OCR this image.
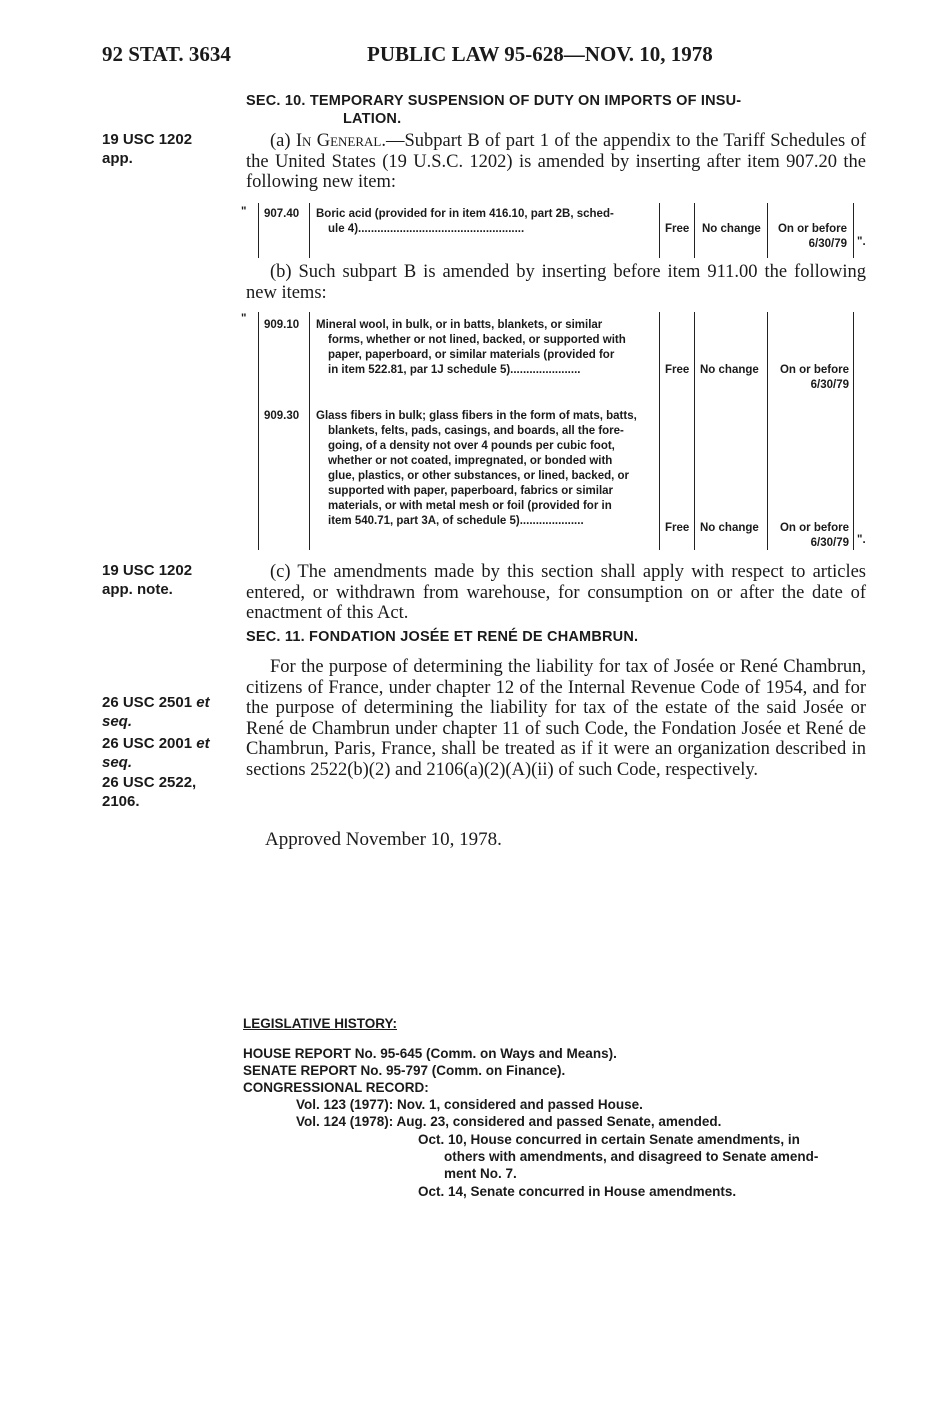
92 STAT. 3634	PUBLIC LAW 95-628—NOV. 10, 1978
SEC. 10. TEMPORARY SUSPENSION OF DUTY ON IMPORTS OF INSU-
LATION.
19 USC 1202
app.
(a) In General.—Subpart B of part 1 of the appendix to the Tariff Schedules of the United States (19 U.S.C. 1202) is amended by inserting after item 907.20 the following new item:
" 907.40 Boric acid (provided for in item 416.10, part 2B, sched-
ule 4)....................................................	Free No change On or before
6/30/79 ".
(b) Such subpart B is amended by inserting before item 911.00 the following new items:
" 909.10 Mineral wool, in bulk, or in batts, blankets, or similar
forms, whether or not lined, backed, or supported with
paper, paperboard, or similar materials (provided for
in item 522.81, par 1J schedule 5)......................	Free No change	On or before
6/30/79
909.30 Glass fibers in bulk; glass fibers in the form of mats, batts,
blankets, felts, pads, casings, and boards, all the fore-
going, of a density not over 4 pounds per cubic foot,
whether or not coated, impregnated, or bonded with
glue, plastics, or other substances, or lined, backed, or
supported with paper, paperboard, fabrics or similar
materials, or with metal mesh or foil (provided for in
item 540.71, part 3A, of schedule 5)....................
Free No change	On or before
6/30/79 ".
19 USC 1202
app. note.
(c) The amendments made by this section shall apply with respect to articles entered, or withdrawn from warehouse, for consumption on or after the date of enactment of this Act.
SEC. 11. FONDATION JOSÉE ET RENÉ DE CHAMBRUN.
For the purpose of determining the liability for tax of Josée or René Chambrun, citizens of France, under chapter 12 of the Internal Revenue Code of 1954, and for the purpose of determining the liability for tax of the estate of the said Josée or René de Chambrun under chapter 11 of such Code, the Fondation Josée et René de Chambrun, Paris, France, shall be treated as if it were an organization described in sections 2522(b)(2) and 2106(a)(2)(A)(ii) of such Code, respectively.
26 USC 2501 et
seq.
26 USC 2001 et
seq.
26 USC 2522,
2106.
Approved November 10, 1978.
LEGISLATIVE HISTORY:
HOUSE REPORT No. 95-645 (Comm. on Ways and Means).
SENATE REPORT No. 95-797 (Comm. on Finance).
CONGRESSIONAL RECORD:
Vol. 123 (1977): Nov. 1, considered and passed House.
Vol. 124 (1978): Aug. 23, considered and passed Senate, amended.
Oct. 10, House concurred in certain Senate amendments, in
others with amendments, and disagreed to Senate amend-
ment No. 7.
Oct. 14, Senate concurred in House amendments.
